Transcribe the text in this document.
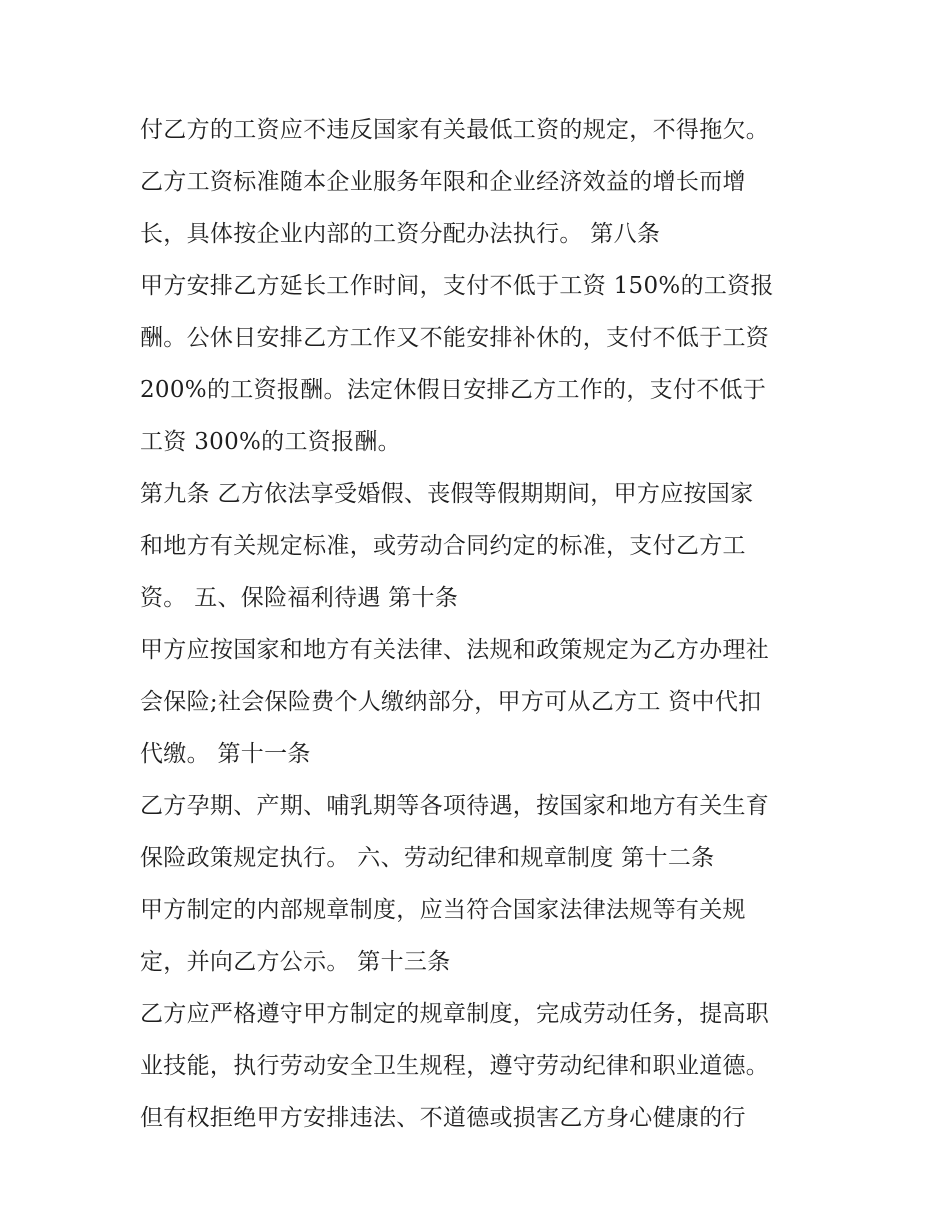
付乙方的工资应不违反国家有关最低工资的规定，不得拖欠。
乙方工资标准随本企业服务年限和企业经济效益的增长而增
长，具体按企业内部的工资分配办法执行。 第八条
甲方安排乙方延长工作时间，支付不低于工资 150%的工资报
酬。公休日安排乙方工作又不能安排补休的，支付不低于工资
200%的工资报酬。法定休假日安排乙方工作的，支付不低于
工资 300%的工资报酬。
第九条 乙方依法享受婚假、丧假等假期期间，甲方应按国家
和地方有关规定标准，或劳动合同约定的标准，支付乙方工
资。 五、保险福利待遇 第十条
甲方应按国家和地方有关法律、法规和政策规定为乙方办理社
会保险;社会保险费个人缴纳部分，甲方可从乙方工 资中代扣
代缴。 第十一条
乙方孕期、产期、哺乳期等各项待遇，按国家和地方有关生育
保险政策规定执行。 六、劳动纪律和规章制度 第十二条
甲方制定的内部规章制度，应当符合国家法律法规等有关规
定，并向乙方公示。 第十三条
乙方应严格遵守甲方制定的规章制度，完成劳动任务，提高职
业技能，执行劳动安全卫生规程，遵守劳动纪律和职业道德。
但有权拒绝甲方安排违法、不道德或损害乙方身心健康的行
